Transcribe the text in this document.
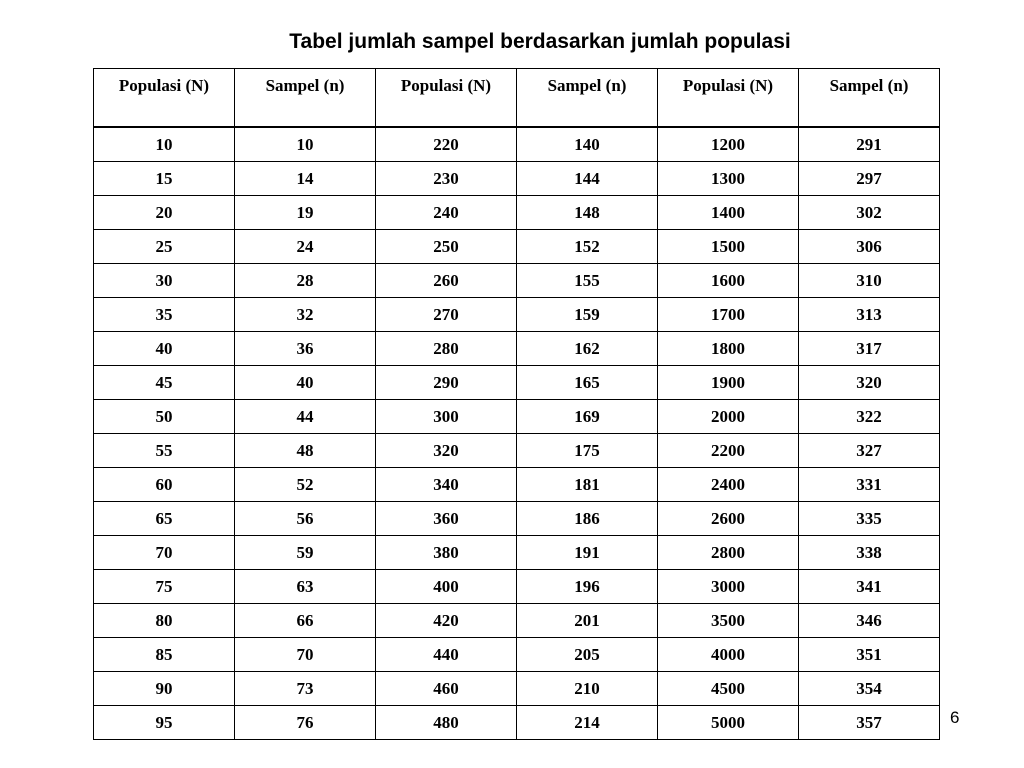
Tabel jumlah sampel berdasarkan jumlah populasi
Populasi (N)	Sampel (n)	Populasi (N)	Sampel (n)	Populasi (N)	Sampel (n)
10	10	220	140	1200	291
15	14	230	144	1300	297
20	19	240	148	1400	302
25	24	250	152	1500	306
30	28	260	155	1600	310
35	32	270	159	1700	313
40	36	280	162	1800	317
45	40	290	165	1900	320
50	44	300	169	2000	322
55	48	320	175	2200	327
60	52	340	181	2400	331
65	56	360	186	2600	335
70	59	380	191	2800	338
75	63	400	196	3000	341
80	66	420	201	3500	346
85	70	440	205	4000	351
90	73	460	210	4500	354
95	76	480	214	5000	357	6
